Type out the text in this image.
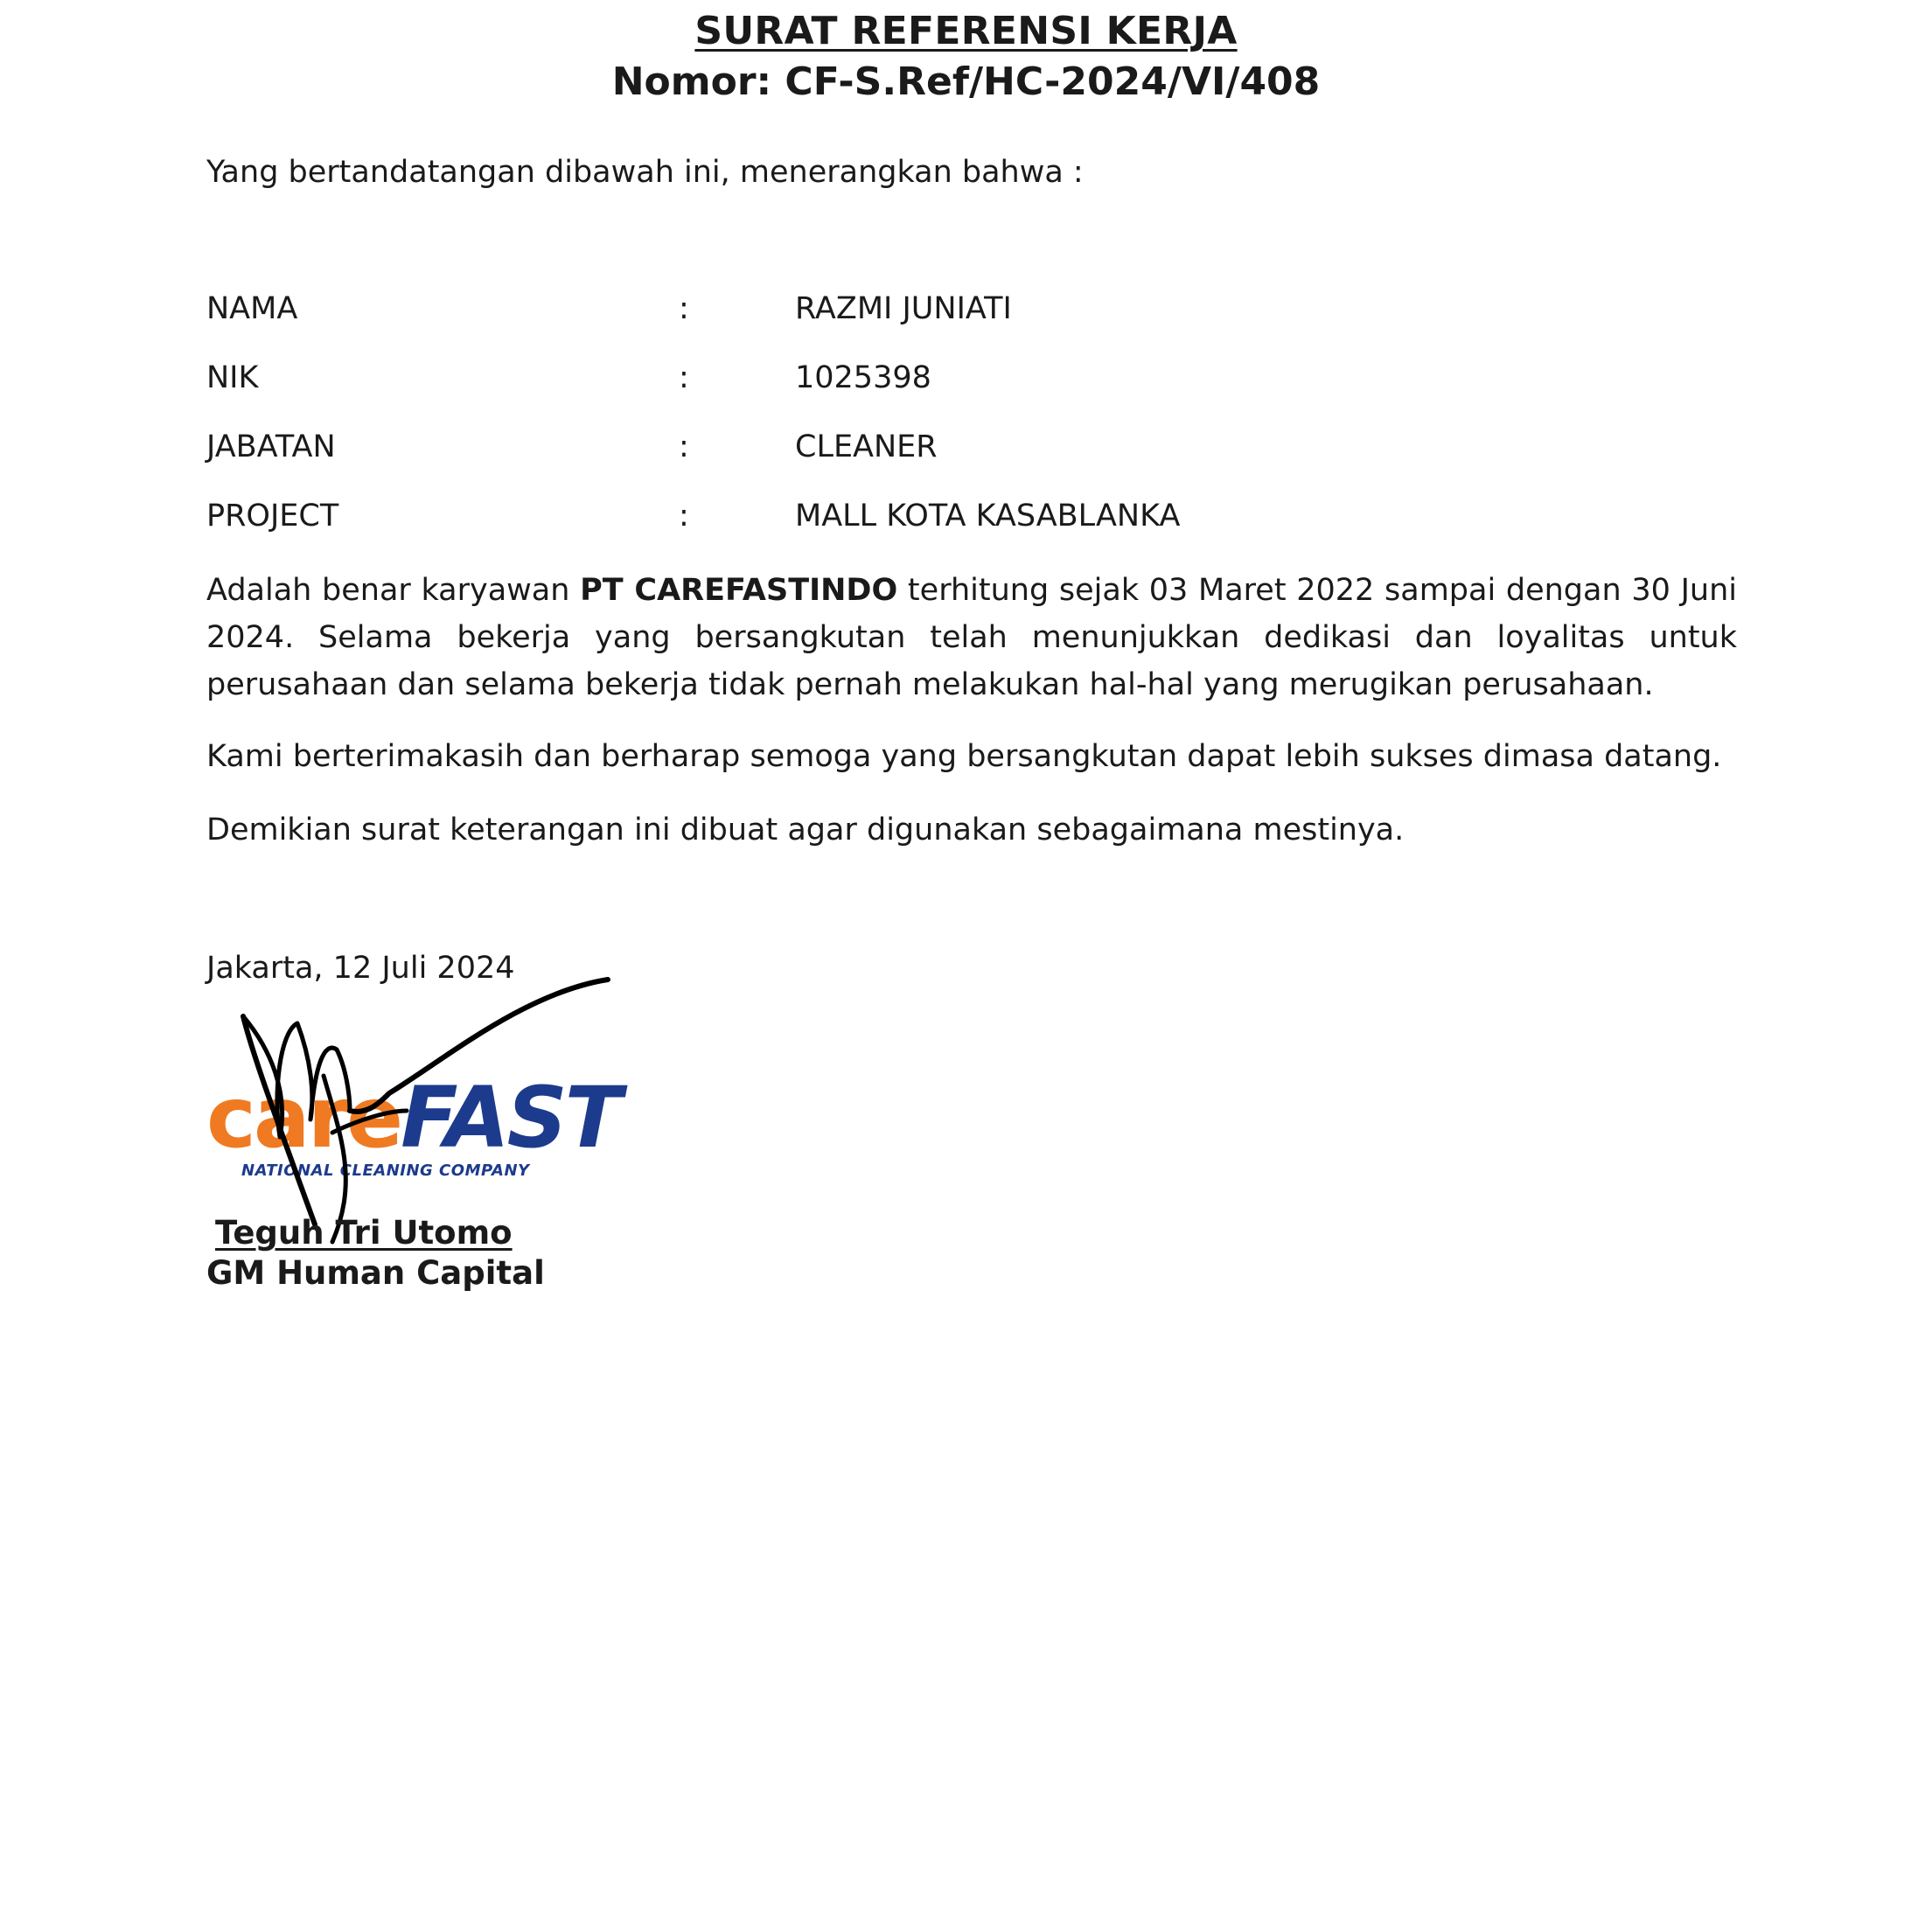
SURAT REFERENSI KERJA
Nomor: CF-S.Ref/HC-2024/VI/408
Yang bertandatangan dibawah ini, menerangkan bahwa :
NAMA	:	RAZMI JUNIATI
NIK	:	1025398
JABATAN	:	CLEANER
PROJECT	:	MALL KOTA KASABLANKA
Adalah benar karyawan PT CAREFASTINDO terhitung sejak 03 Maret 2022 sampai dengan 30 Juni 2024. Selama bekerja yang bersangkutan telah menunjukkan dedikasi dan loyalitas untuk perusahaan dan selama bekerja tidak pernah melakukan hal-hal yang merugikan perusahaan.
Kami berterimakasih dan berharap semoga yang bersangkutan dapat lebih sukses dimasa datang.
Demikian surat keterangan ini dibuat agar digunakan sebagaimana mestinya.
Jakarta, 12 Juli 2024
careFAST
NATIONAL CLEANING COMPANY
Teguh Tri Utomo
GM Human Capital
